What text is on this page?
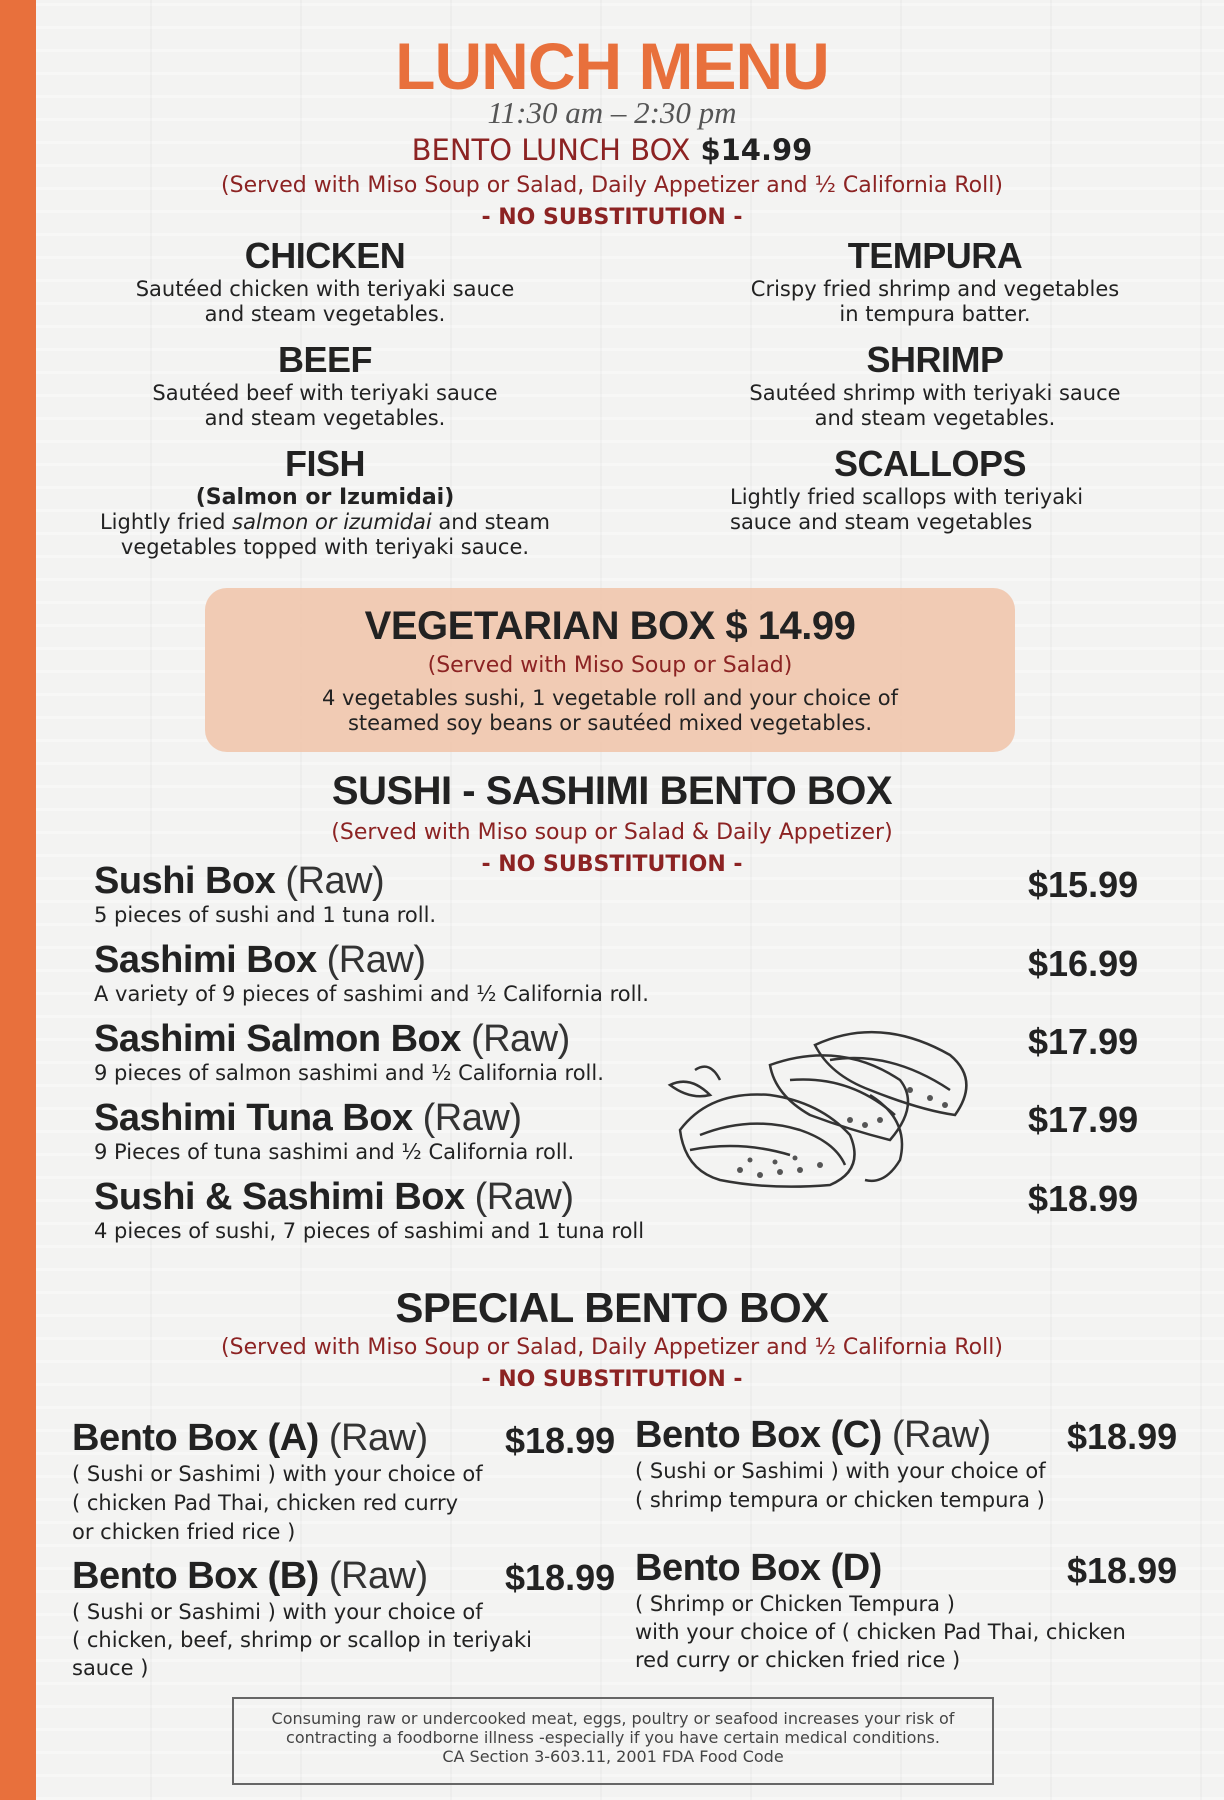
LUNCH MENU
11:30 am – 2:30 pm
BENTO LUNCH BOX $14.99
(Served with Miso Soup or Salad, Daily Appetizer and ½ California Roll)
- NO SUBSTITUTION -
CHICKEN
Sautéed chicken with teriyaki sauce
and steam vegetables.
BEEF
Sautéed beef with teriyaki sauce
and steam vegetables.
FISH
(Salmon or Izumidai)
Lightly fried salmon or izumidai and steam
vegetables topped with teriyaki sauce.
TEMPURA
Crispy fried shrimp and vegetables
in tempura batter.
SHRIMP
Sautéed shrimp with teriyaki sauce
and steam vegetables.
SCALLOPS
Lightly fried scallops with teriyaki
sauce and steam vegetables
VEGETARIAN BOX $ 14.99
(Served with Miso Soup or Salad)
4 vegetables sushi, 1 vegetable roll and your choice of
steamed soy beans or sautéed mixed vegetables.
SUSHI - SASHIMI BENTO BOX
(Served with Miso soup or Salad & Daily Appetizer)
- NO SUBSTITUTION -
Sushi Box (Raw)
5 pieces of sushi and 1 tuna roll.
$15.99
Sashimi Box (Raw)
A variety of 9 pieces of sashimi and ½ California roll.
$16.99
Sashimi Salmon Box (Raw)
9 pieces of salmon sashimi and ½ California roll.
$17.99
Sashimi Tuna Box (Raw)
9 Pieces of tuna sashimi and ½ California roll.
$17.99
Sushi & Sashimi Box (Raw)
4 pieces of sushi, 7 pieces of sashimi and 1 tuna roll
$18.99
SPECIAL BENTO BOX
(Served with Miso Soup or Salad, Daily Appetizer and ½ California Roll)
- NO SUBSTITUTION -
Bento Box (A) (Raw)
( Sushi or Sashimi ) with your choice of
( chicken Pad Thai, chicken red curry
or chicken fried rice )
$18.99
Bento Box (B) (Raw)
( Sushi or Sashimi ) with your choice of
( chicken, beef, shrimp or scallop in teriyaki
sauce )
$18.99
Bento Box (C) (Raw)
( Sushi or Sashimi ) with your choice of
( shrimp tempura or chicken tempura )
$18.99
Bento Box (D)
( Shrimp or Chicken Tempura )
with your choice of ( chicken Pad Thai, chicken
red curry or chicken fried rice )
$18.99
Consuming raw or undercooked meat, eggs, poultry or seafood increases your risk of
contracting a foodborne illness -especially if you have certain medical conditions.
CA Section 3-603.11, 2001 FDA Food Code
